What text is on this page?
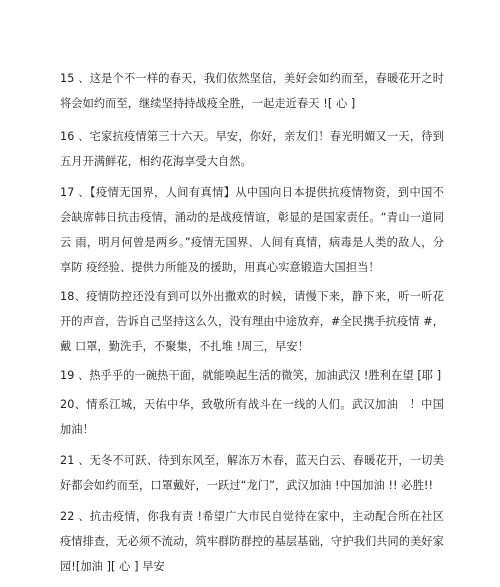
15 、这是个不一样的春天，我们依然坚信，美好会如约而至，春暖花开之时将会如约而至，继续坚持持战疫全胜，一起走近春天 ![ 心 ]

16 、宅家抗疫情第三十六天。早安，你好，亲友们！春光明媚又一天，待到 五月开满鲜花，相约花海享受大自然。

17 、【疫情无国界，人间有真情】从中国向日本提供抗疫情物资，到中国不 会缺席韩日抗击疫情，涌动的是战疫情谊，彰显的是国家责任。“青山一道同云 雨，明月何曾是两乡。”疫情无国界、人间有真情，病毒是人类的敌人，分享防 疫经验、提供力所能及的援助，用真心实意锻造大国担当！

18、疫情防控还没有到可以外出撒欢的时候，请慢下来，静下来，听一听花 开的声音，告诉自己坚持这么久，没有理由中途放弃，#全民携手抗疫情 #，戴 口罩，勤洗手，不聚集，不扎堆 !周三，早安！

19 、热乎乎的一碗热干面，就能唤起生活的微笑，加油武汉 !胜利在望 [耶 ]

20、情系江城，天佑中华，致敬所有战斗在一线的人们。武汉加油　！中国加油！

21 、无冬不可跃、待到东风至，解冻万木春，蓝天白云、春暖花开，一切美 好都会如约而至，口罩戴好，一跃过“龙门”，武汉加油 !中国加油 !! 必胜!!

22 、抗击疫情，你我有责 !希望广大市民自觉待在家中，主动配合所在社区 疫情排查，无必须不流动，筑牢群防群控的基层基础，守护我们共同的美好家 园![加油 ][ 心 ] 早安
